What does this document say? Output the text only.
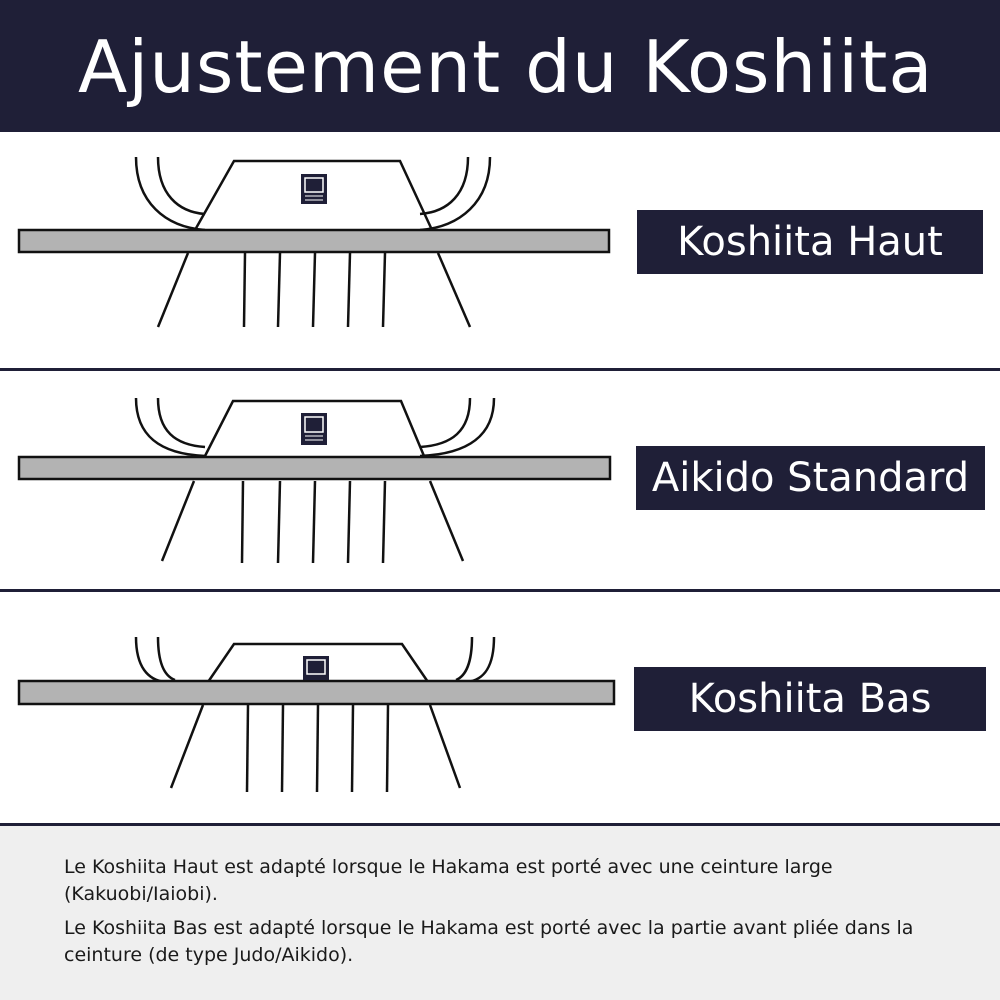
Ajustement du Koshiita
Koshiita Haut
Aikido Standard
Koshiita Bas

Le Koshiita Haut est adapté lorsque le Hakama est porté avec une ceinture large (Kakuobi/Iaiobi).

Le Koshiita Bas est adapté lorsque le Hakama est porté avec la partie avant pliée dans la ceinture (de type Judo/Aikido).
